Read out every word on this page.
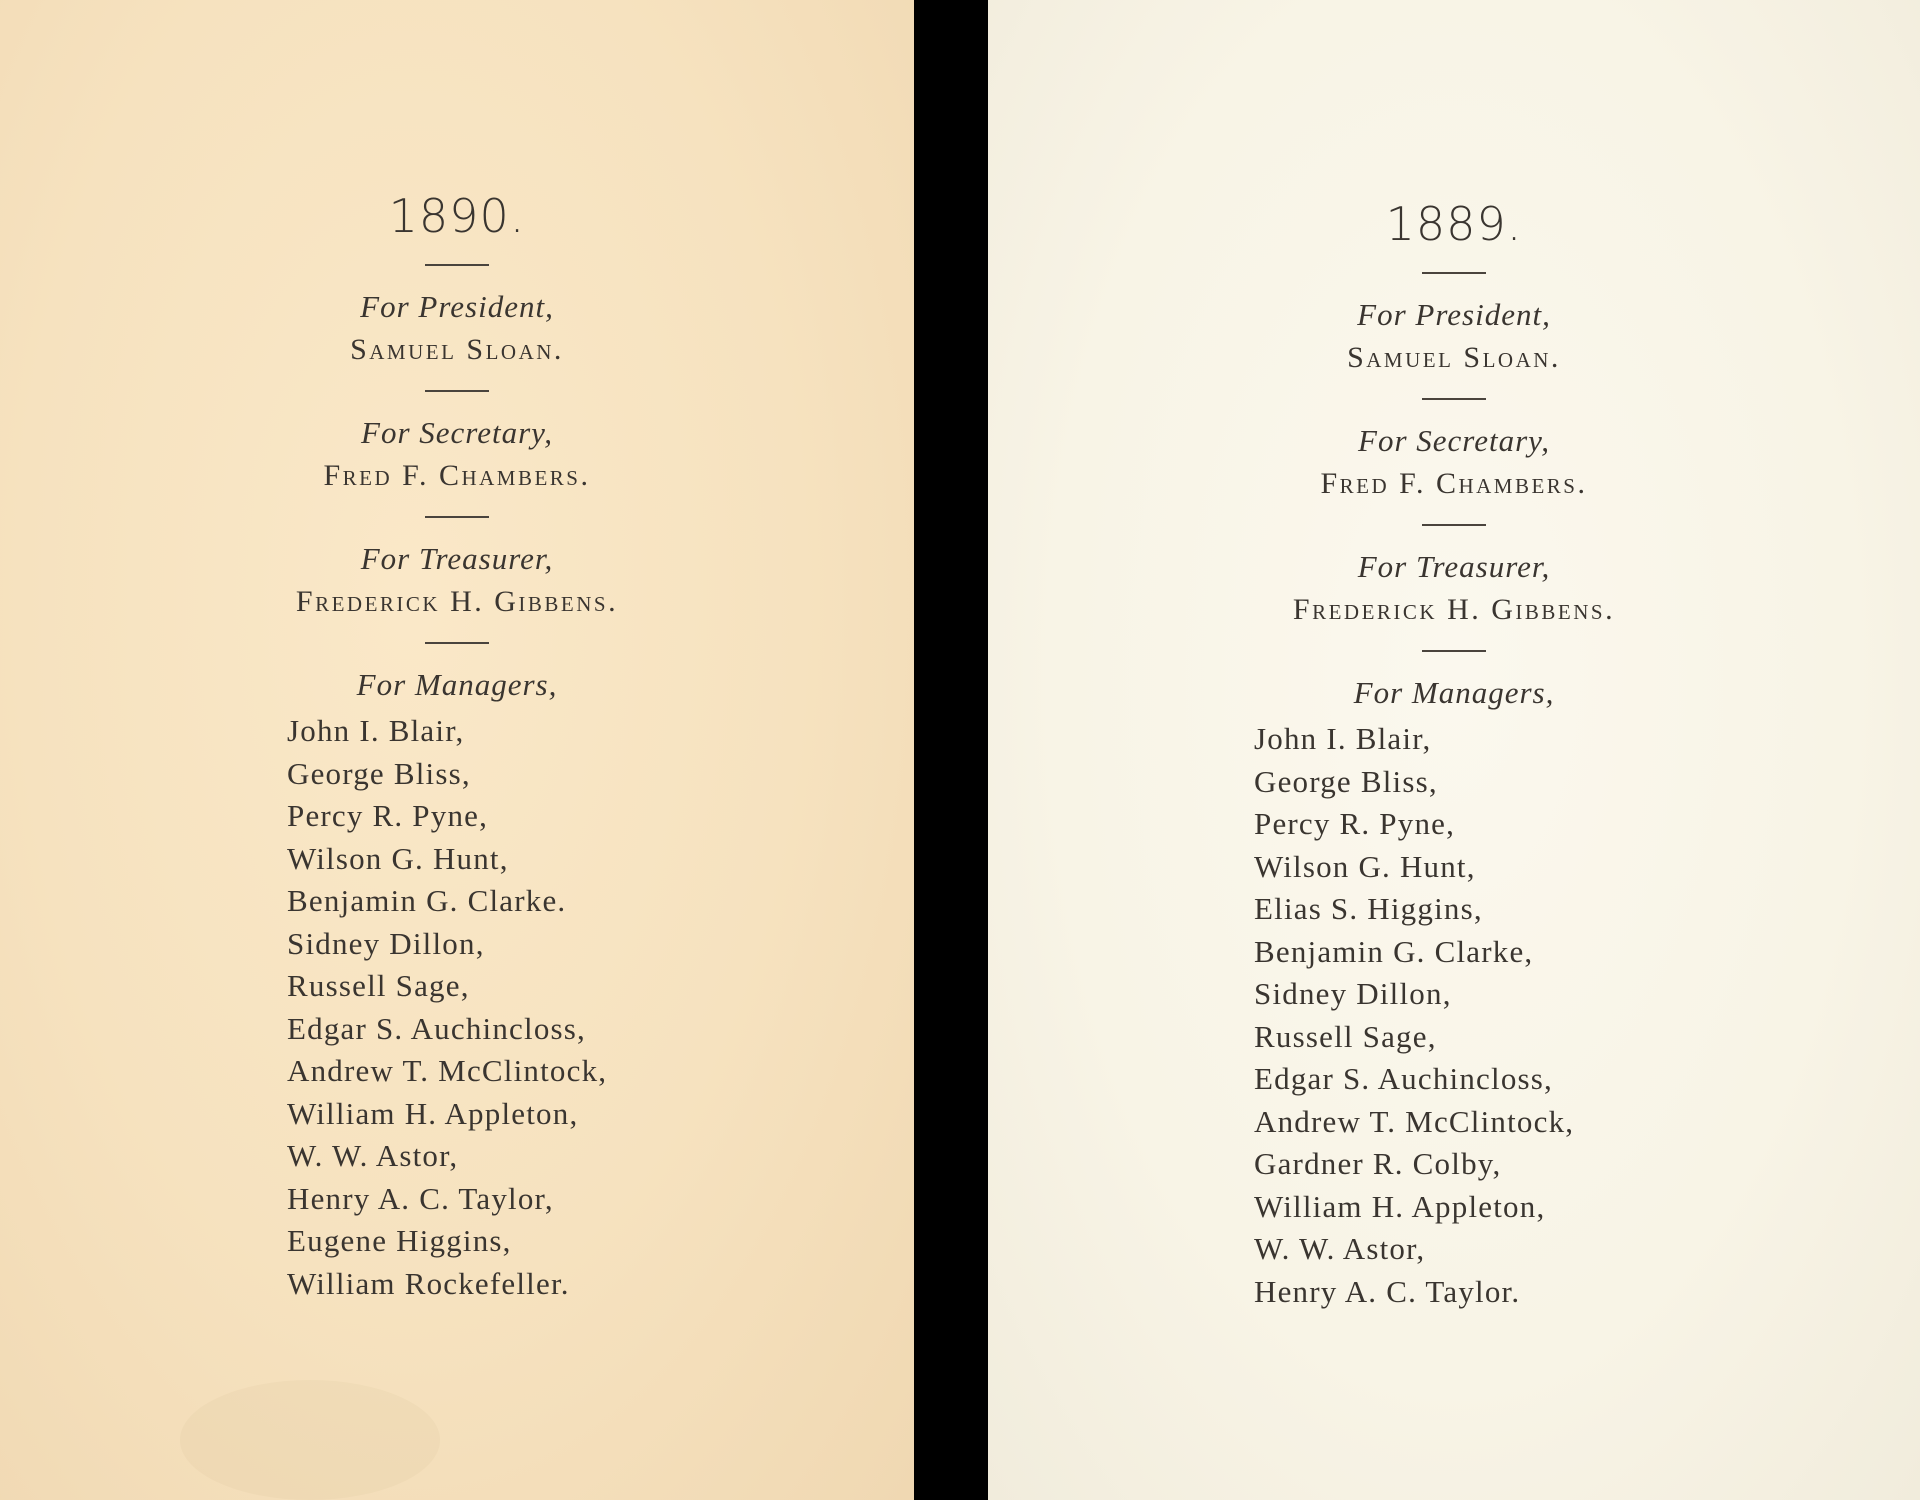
1890.

For President,

Samuel Sloan.

For Secretary,

Fred F. Chambers.

For Treasurer,

Frederick H. Gibbens.

For Managers,

John I. Blair,
George Bliss,
Percy R. Pyne,
Wilson G. Hunt,
Benjamin G. Clarke.
Sidney Dillon,
Russell Sage,
Edgar S. Auchincloss,
Andrew T. McClintock,
William H. Appleton,
W. W. Astor,
Henry A. C. Taylor,
Eugene Higgins,
William Rockefeller.
1889.

For President,

Samuel Sloan.

For Secretary,

Fred F. Chambers.

For Treasurer,

Frederick H. Gibbens.

For Managers,

John I. Blair,
George Bliss,
Percy R. Pyne,
Wilson G. Hunt,
Elias S. Higgins,
Benjamin G. Clarke,
Sidney Dillon,
Russell Sage,
Edgar S. Auchincloss,
Andrew T. McClintock,
Gardner R. Colby,
William H. Appleton,
W. W. Astor,
Henry A. C. Taylor.
